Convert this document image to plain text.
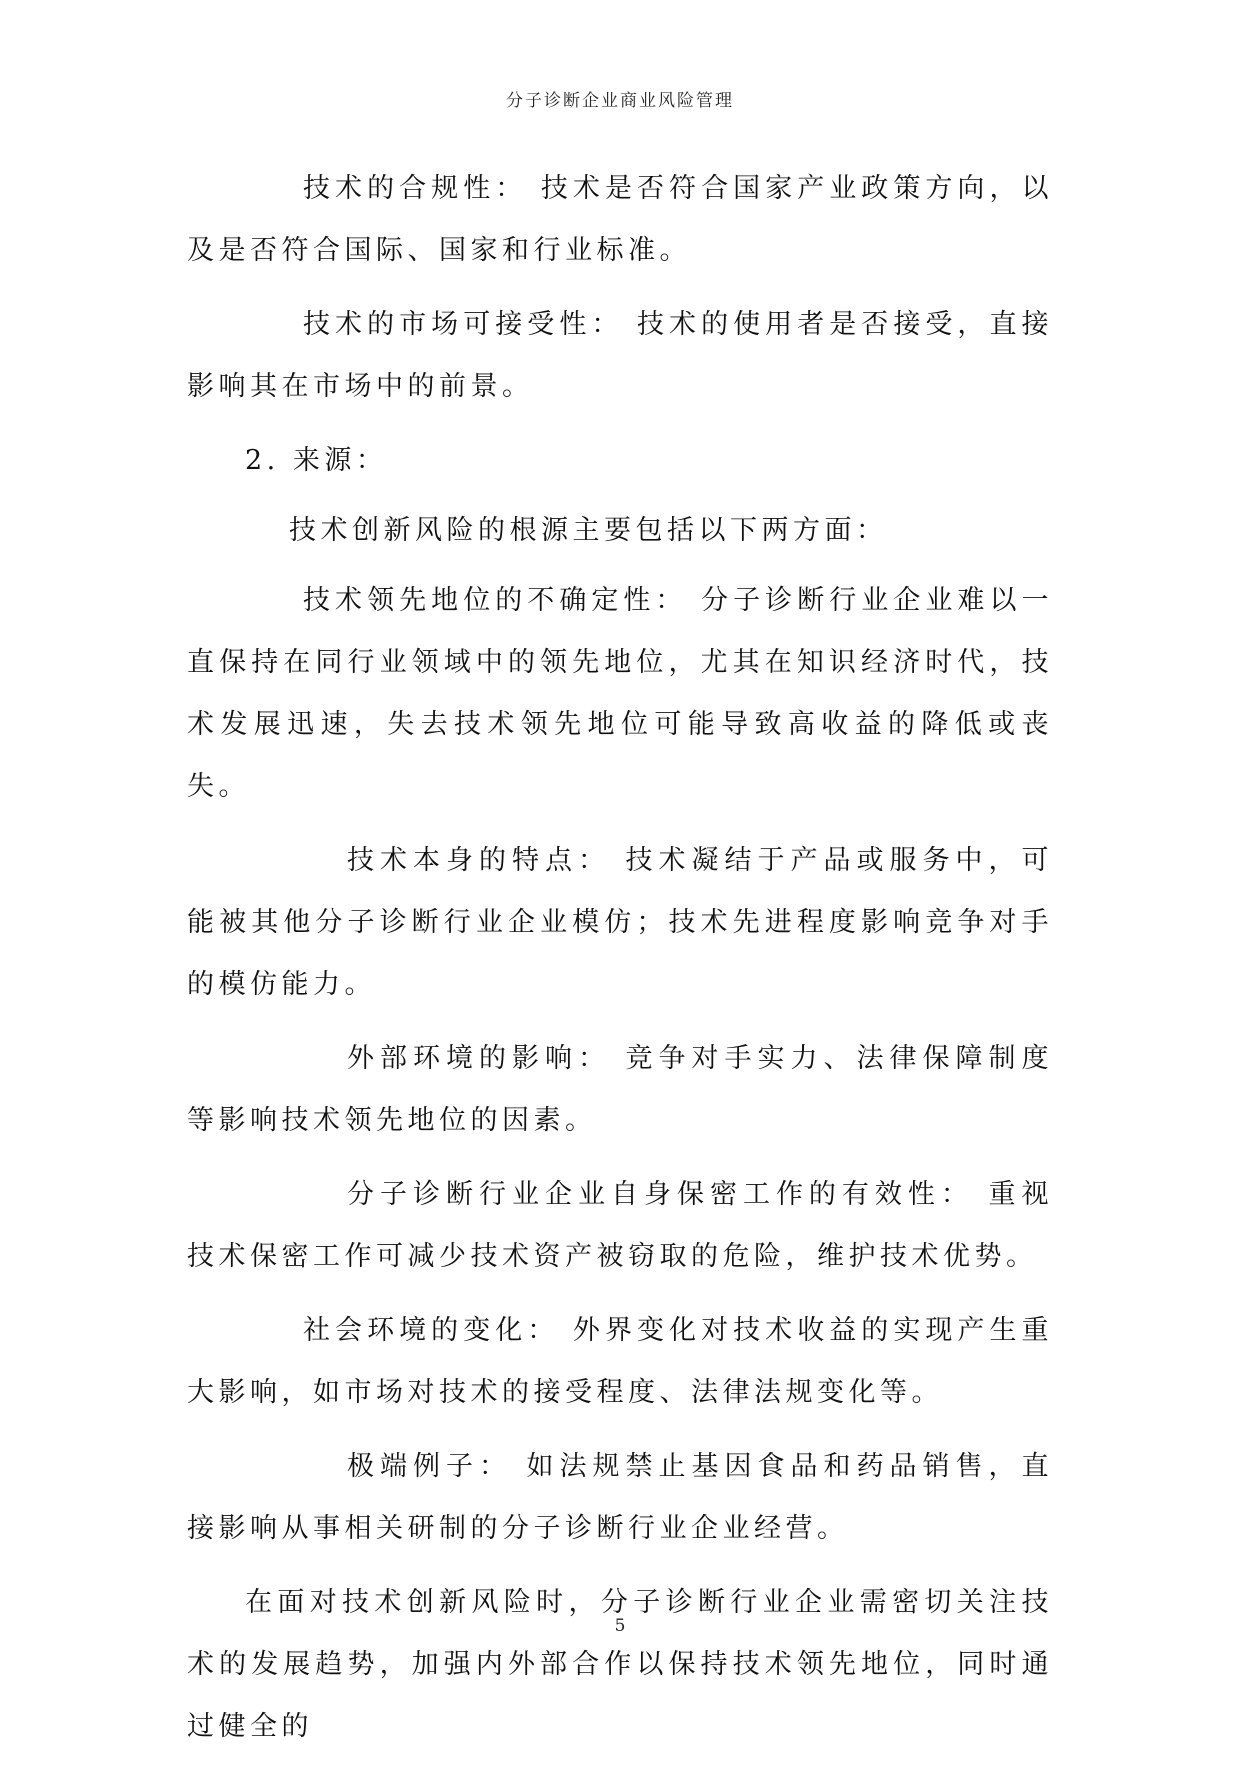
分子诊断企业商业风险管理

技术的合规性： 技术是否符合国家产业政策方向，以及是否符合国际、国家和行业标准。

技术的市场可接受性： 技术的使用者是否接受，直接影响其在市场中的前景。

2. 来源：

技术创新风险的根源主要包括以下两方面：

技术领先地位的不确定性： 分子诊断行业企业难以一直保持在同行业领域中的领先地位，尤其在知识经济时代，技术发展迅速，失去技术领先地位可能导致高收益的降低或丧失。

技术本身的特点： 技术凝结于产品或服务中，可能被其他分子诊断行业企业模仿；技术先进程度影响竞争对手的模仿能力。

外部环境的影响： 竞争对手实力、法律保障制度等影响技术领先地位的因素。

分子诊断行业企业自身保密工作的有效性： 重视技术保密工作可减少技术资产被窃取的危险，维护技术优势。

社会环境的变化： 外界变化对技术收益的实现产生重大影响，如市场对技术的接受程度、法律法规变化等。

极端例子： 如法规禁止基因食品和药品销售，直接影响从事相关研制的分子诊断行业企业经营。

在面对技术创新风险时，分子诊断行业企业需密切关注技术的发展趋势，加强内外部合作以保持技术领先地位，同时通过健全的

5
